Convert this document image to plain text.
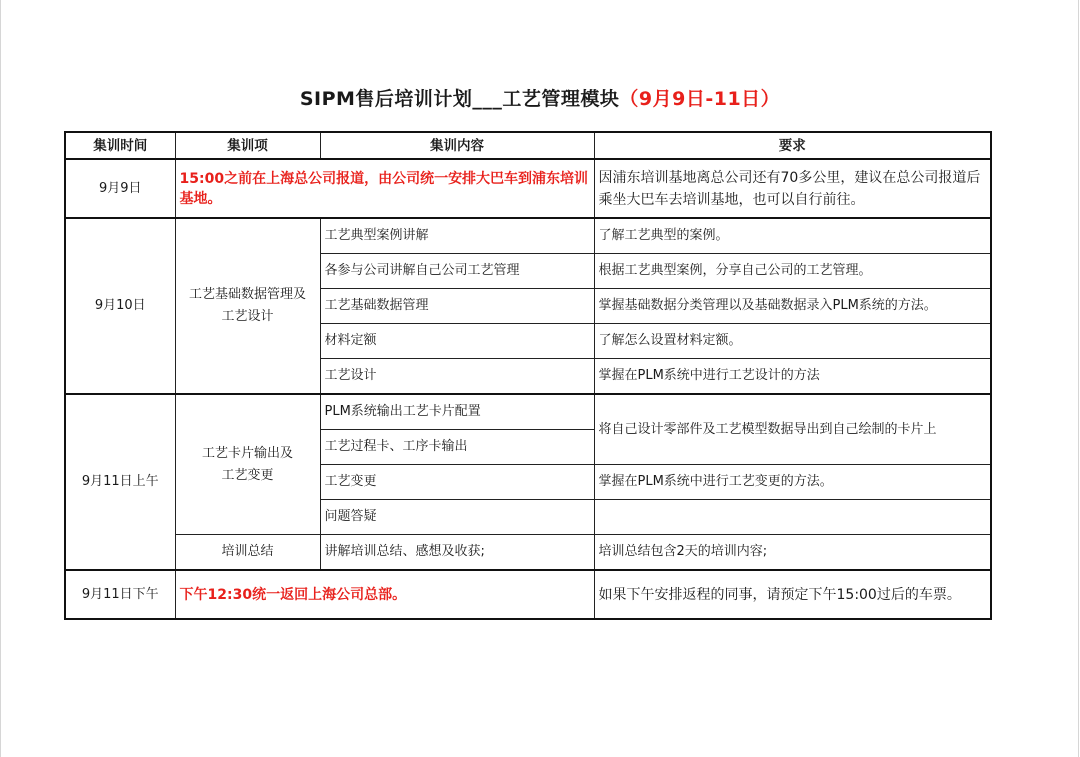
SIPM售后培训计划___工艺管理模块（9月9日-11日）
集训时间	集训项	集训内容	要求
9月9日	15:00之前在上海总公司报道，由公司统一安排大巴车到浦东培训基地。		因浦东培训基地离总公司还有70多公里，建议在总公司报道后乘坐大巴车去培训基地，也可以自行前往。
9月10日	工艺基础数据管理及工艺设计	工艺典型案例讲解	了解工艺典型的案例。
		各参与公司讲解自己公司工艺管理	根据工艺典型案例，分享自己公司的工艺管理。
		工艺基础数据管理	掌握基础数据分类管理以及基础数据录入PLM系统的方法。
		材料定额	了解怎么设置材料定额。
		工艺设计	掌握在PLM系统中进行工艺设计的方法
9月11日上午	工艺卡片输出及工艺变更	PLM系统输出工艺卡片配置	将自己设计零部件及工艺模型数据导出到自己绘制的卡片上
		工艺过程卡、工序卡输出	
		工艺变更	掌握在PLM系统中进行工艺变更的方法。
		问题答疑	
	培训总结	讲解培训总结、感想及收获;	培训总结包含2天的培训内容;
9月11日下午	下午12:30统一返回上海公司总部。		如果下午安排返程的同事，请预定下午15:00过后的车票。
